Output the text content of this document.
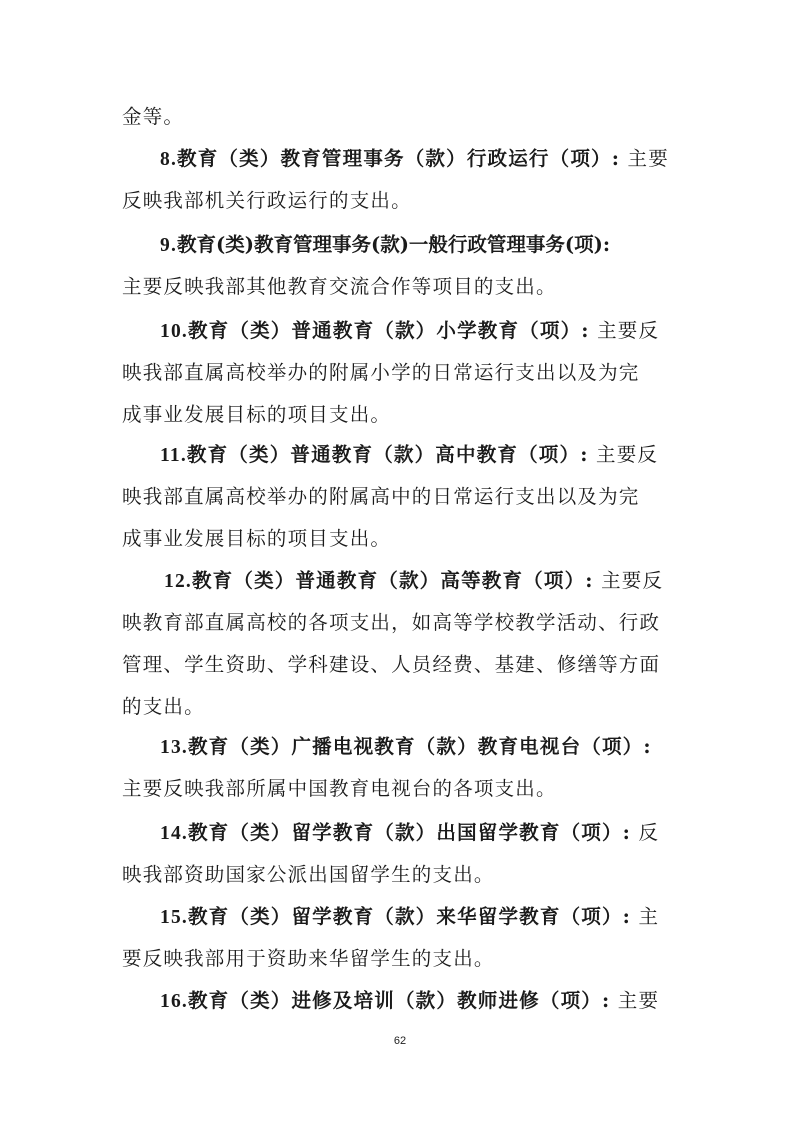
金等。
8.教育（类）教育管理事务（款）行政运行（项）: 主要
反映我部机关行政运行的支出。
9.教育(类)教育管理事务(款)一般行政管理事务(项):
主要反映我部其他教育交流合作等项目的支出。
10.教育（类）普通教育（款）小学教育（项）: 主要反
映我部直属高校举办的附属小学的日常运行支出以及为完
成事业发展目标的项目支出。
11.教育（类）普通教育（款）高中教育（项）: 主要反
映我部直属高校举办的附属高中的日常运行支出以及为完
成事业发展目标的项目支出。
12.教育（类）普通教育（款）高等教育（项）: 主要反
映教育部直属高校的各项支出，如高等学校教学活动、行政
管理、学生资助、学科建设、人员经费、基建、修缮等方面
的支出。
13.教育（类）广播电视教育（款）教育电视台（项）:
主要反映我部所属中国教育电视台的各项支出。
14.教育（类）留学教育（款）出国留学教育（项）: 反
映我部资助国家公派出国留学生的支出。
15.教育（类）留学教育（款）来华留学教育（项）: 主
要反映我部用于资助来华留学生的支出。
16.教育（类）进修及培训（款）教师进修（项）: 主要
62
